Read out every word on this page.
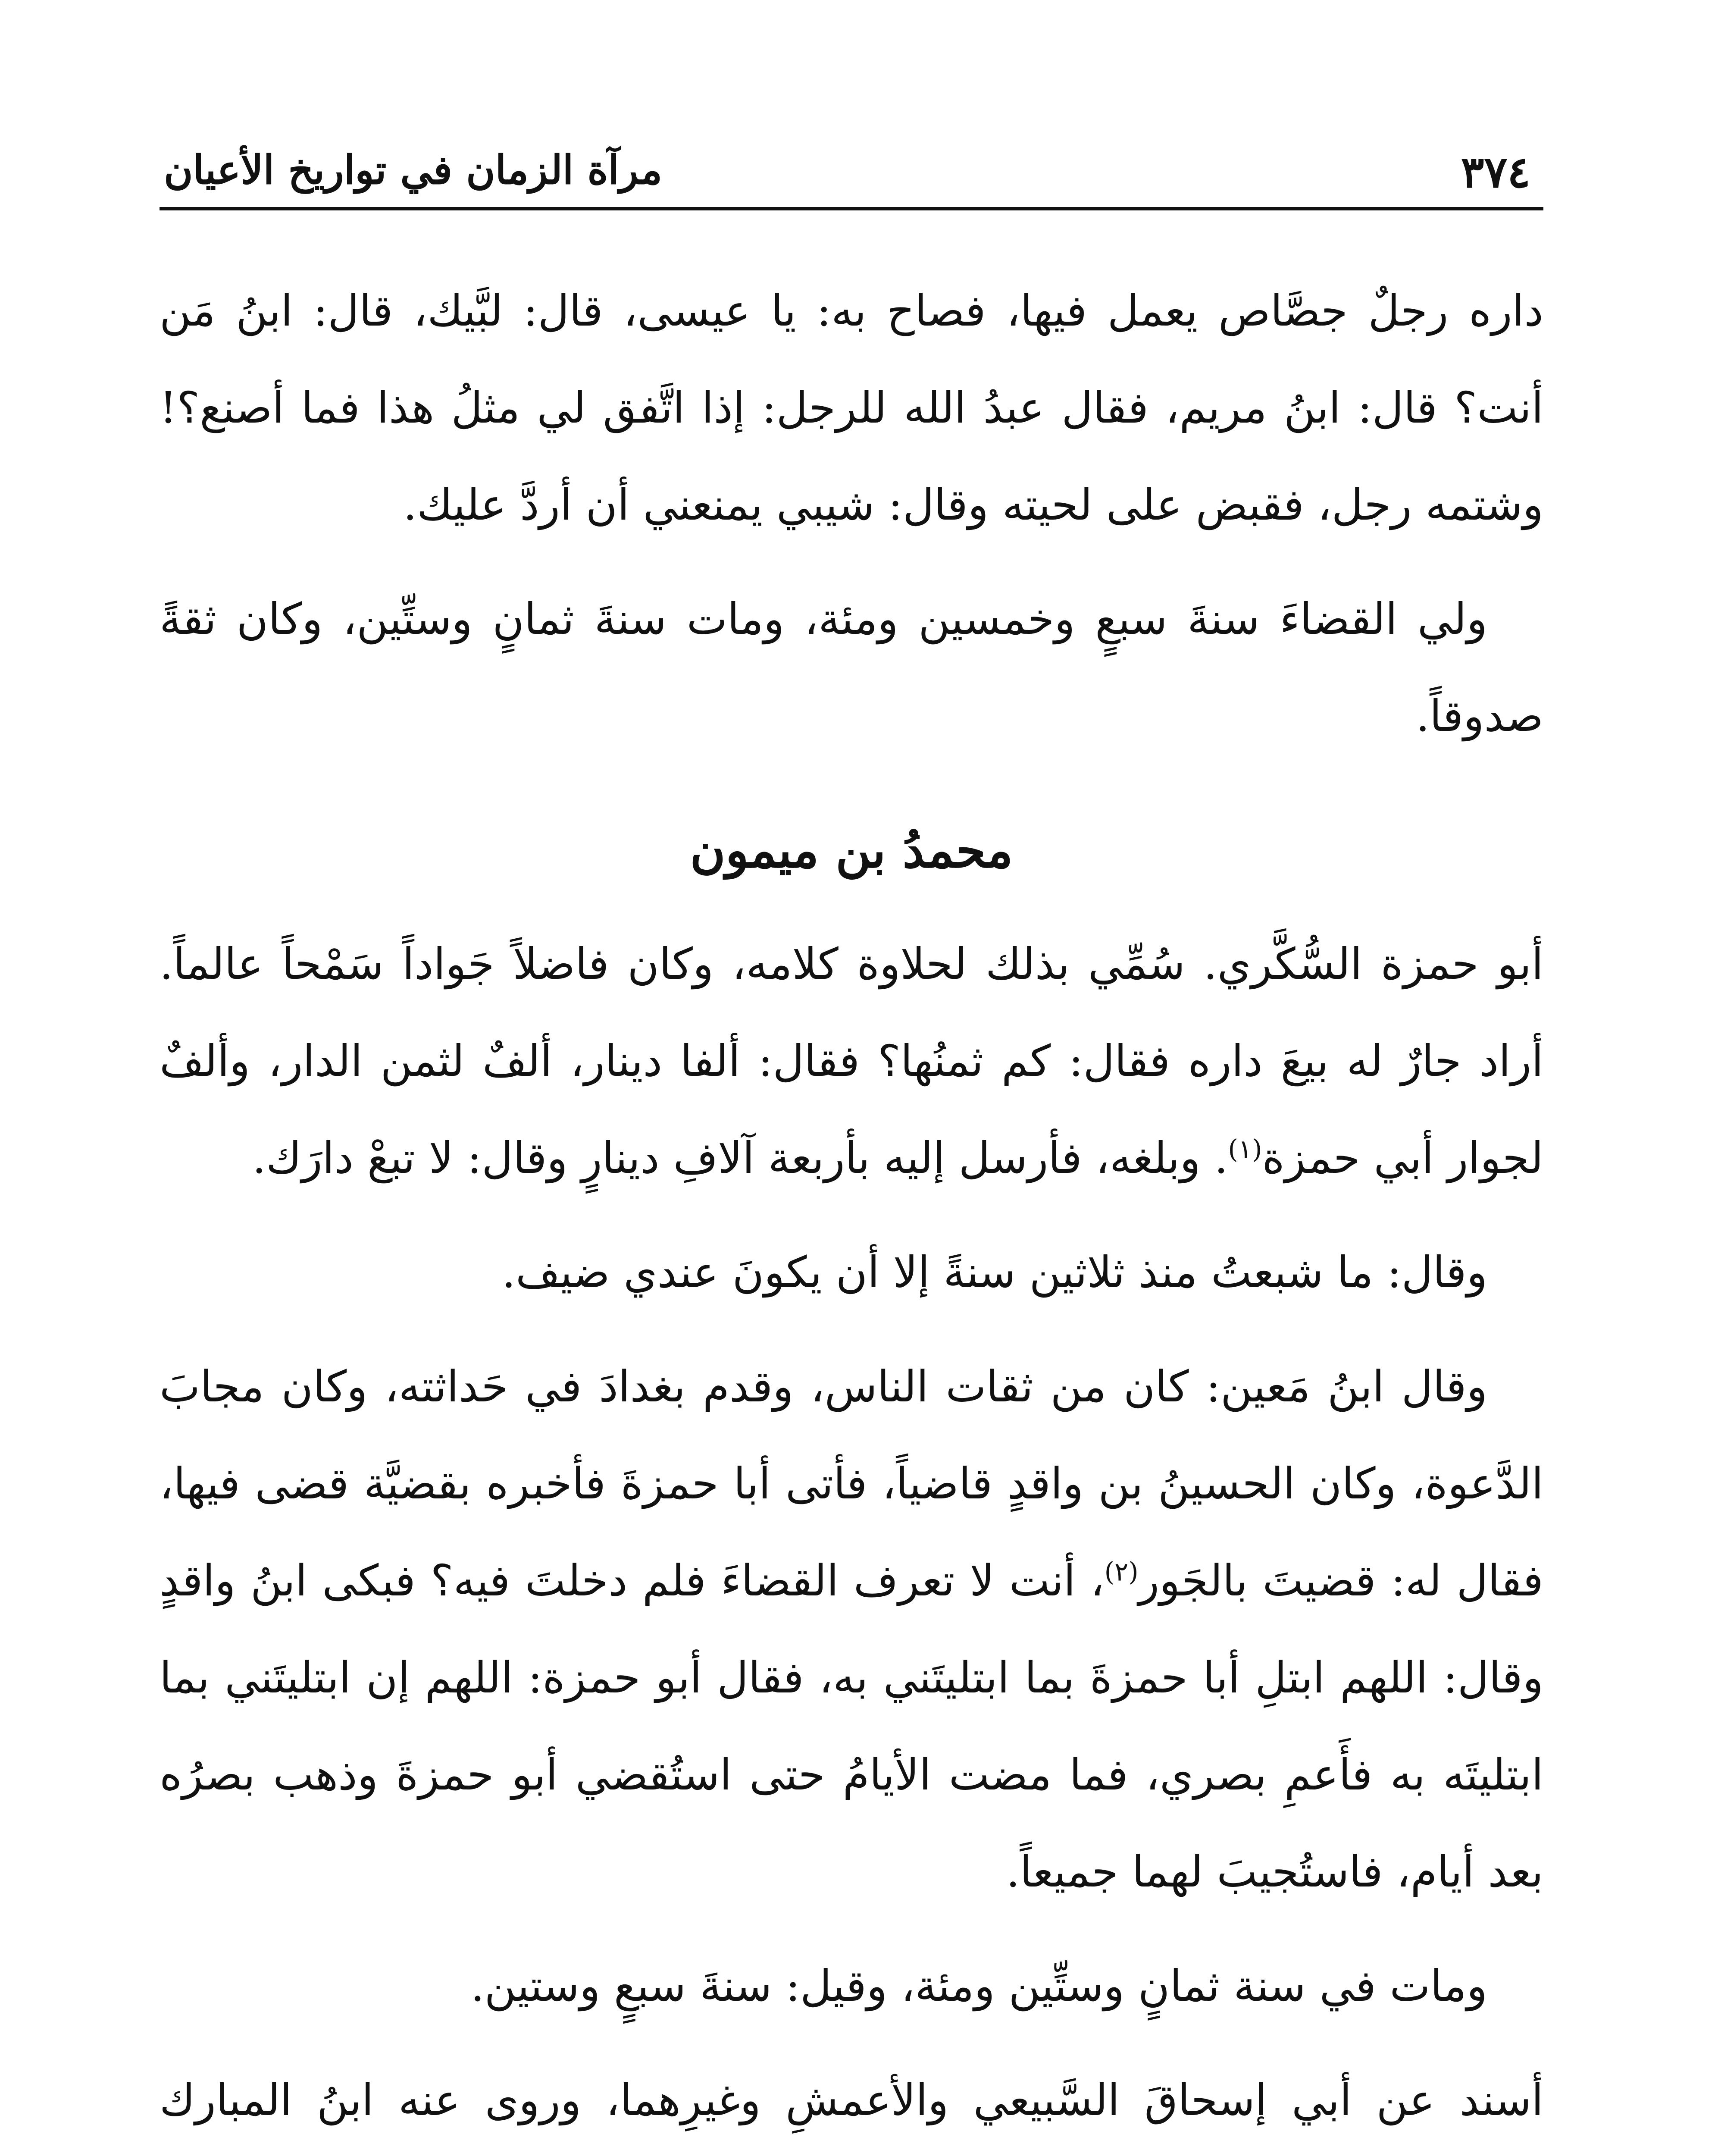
٣٧٤
مرآة الزمان في تواريخ الأعيان

داره رجلٌ جصَّاص يعمل فيها، فصاح به: يا عيسى، قال: لبَّيك، قال: ابنُ مَن أنت؟ قال: ابنُ مريم، فقال عبدُ الله للرجل: إذا اتَّفق لي مثلُ هذا فما أصنع؟! وشتمه رجل، فقبض على لحيته وقال: شيبي يمنعني أن أردَّ عليك.

ولي القضاءَ سنةَ سبعٍ وخمسين ومئة، ومات سنةَ ثمانٍ وستِّين، وكان ثقةً صدوقاً.

محمدُ بن ميمون

أبو حمزة السُّكَّري. سُمِّي بذلك لحلاوة كلامه، وكان فاضلاً جَواداً سَمْحاً عالماً. أراد جارٌ له بيعَ داره فقال: كم ثمنُها؟ فقال: ألفا دينار، ألفٌ لثمن الدار، وألفٌ لجوار أبي حمزة$^{(١)}$. وبلغه، فأرسل إليه بأربعة آلافِ دينارٍ وقال: لا تبعْ دارَك.

وقال: ما شبعتُ منذ ثلاثين سنةً إلا أن يكونَ عندي ضيف.

وقال ابنُ مَعين: كان من ثقات الناس، وقدم بغدادَ في حَداثته، وكان مجابَ الدَّعوة، وكان الحسينُ بن واقدٍ قاضياً، فأتى أبا حمزةَ فأخبره بقضيَّة قضى فيها، فقال له: قضيتَ بالجَور$^{(٢)}$، أنت لا تعرف القضاءَ فلم دخلتَ فيه؟ فبكى ابنُ واقدٍ وقال: اللهم ابتلِ أبا حمزةَ بما ابتليتَني به، فقال أبو حمزة: اللهم إن ابتليتَني بما ابتليتَه به فأَعمِ بصري، فما مضت الأيامُ حتى استُقضي أبو حمزةَ وذهب بصرُه بعد أيام، فاستُجيبَ لهما جميعاً.

ومات في سنة ثمانٍ وستِّين ومئة، وقيل: سنةَ سبعٍ وستين.

أسند عن أبي إسحاقَ السَّبيعي والأعمشِ وغيرِهما، وروى عنه ابنُ المبارك
